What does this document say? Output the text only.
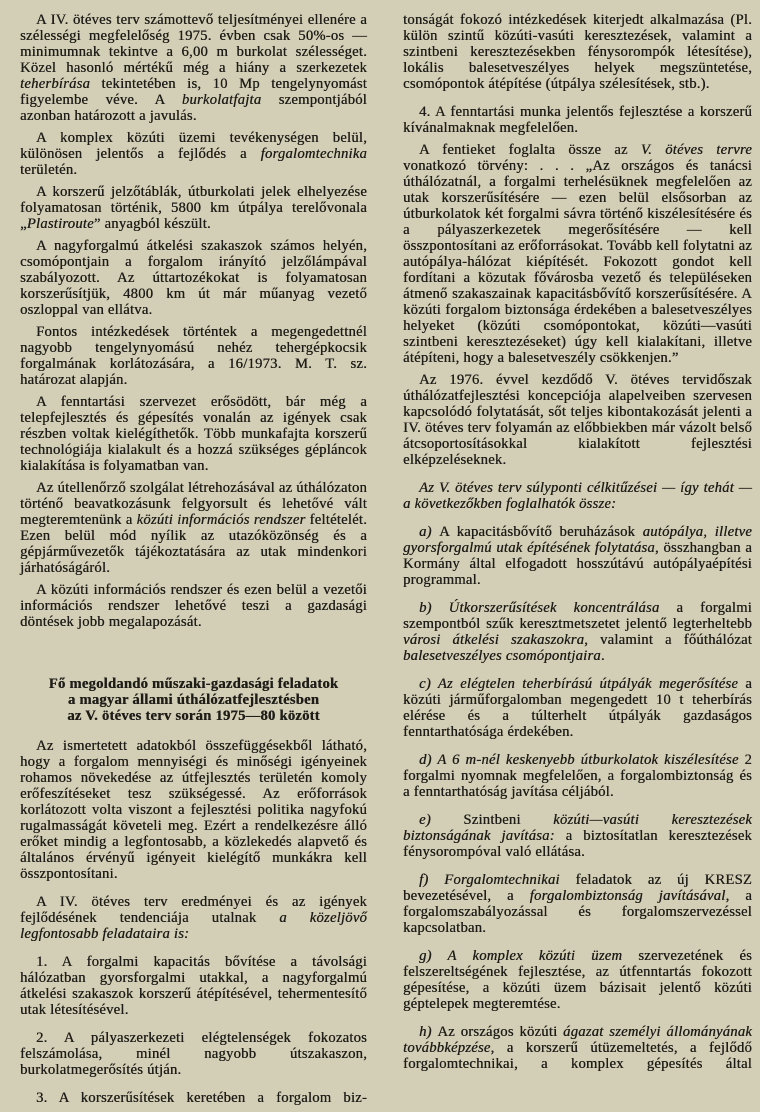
A IV. ötéves terv számottevő teljesítményei ellenére a szélességi megfelelőség 1975. évben csak 50%-os — minimumnak tekintve a 6,00 m burkolat szélességet. Közel hasonló mértékű még a hiány a szerkezetek teherbírása tekintetében is, 10 Mp tengelynyomást figyelembe véve. A burkolatfajta szempontjából azonban határozott a javulás.

A komplex közúti üzemi tevékenységen belül, különösen jelentős a fejlődés a forgalomtechnika területén.

A korszerű jelzőtáblák, útburkolati jelek elhelyezése folyamatosan történik, 5800 km útpálya terelővonala „Plastiroute” anyagból készült.

A nagyforgalmú átkelési szakaszok számos helyén, csomópontjain a forgalom irányító jelzőlámpával szabályozott. Az úttartozékokat is folyamatosan korszerűsítjük, 4800 km út már műanyag vezető oszloppal van ellátva.

Fontos intézkedések történtek a megengedettnél nagyobb tengelynyomású nehéz tehergépkocsik forgalmának korlátozására, a 16/1973. M. T. sz. határozat alapján.

A fenntartási szervezet erősödött, bár még a telepfejlesztés és gépesítés vonalán az igények csak részben voltak kielégíthetők. Több munkafajta korszerű technológiája kialakult és a hozzá szükséges gépláncok kialakítása is folyamatban van.

Az útellenőrző szolgálat létrehozásával az úthálózaton történő beavatkozásunk felgyorsult és lehetővé vált megteremtenünk a közúti információs rendszer feltételét. Ezen belül mód nyílik az utazóközönség és a gépjárművezetők tájékoztatására az utak mindenkori járhatóságáról.

A közúti információs rendszer és ezen belül a vezetői információs rendszer lehetővé teszi a gazdasági döntések jobb megalapozását.

Fő megoldandó műszaki-gazdasági feladatok
a magyar állami úthálózatfejlesztésben
az V. ötéves terv során 1975—80 között

Az ismertetett adatokból összefüggésekből látható, hogy a forgalom mennyiségi és minőségi igényeinek rohamos növekedése az útfejlesztés területén komoly erőfeszítéseket tesz szükségessé. Az erőforrások korlátozott volta viszont a fejlesztési politika nagyfokú rugalmasságát követeli meg. Ezért a rendelkezésre álló erőket mindig a legfontosabb, a közlekedés alapvető és általános érvényű igényeit kielégítő munkákra kell összpontosítani.

A IV. ötéves terv eredményei és az igények fejlődésének tendenciája utalnak a közeljövő legfontosabb feladataira is:

1. A forgalmi kapacitás bővítése a távolsági hálózatban gyorsforgalmi utakkal, a nagyforgalmú átkelési szakaszok korszerű átépítésével, tehermentesítő utak létesítésével.

2. A pályaszerkezeti elégtelenségek fokozatos felszámolása, minél nagyobb útszakaszon, burkolatmegerősítés útján.

3. A korszerűsítések keretében a forgalom biz-

tonságát fokozó intézkedések kiterjedt alkalmazása (Pl. külön szintű közúti-vasúti keresztezések, valamint a szintbeni keresztezésekben fénysorompók létesítése), lokális balesetveszélyes helyek megszüntetése, csomópontok átépítése (útpálya szélesítések, stb.).

4. A fenntartási munka jelentős fejlesztése a korszerű kívánalmaknak megfelelően.

A fentieket foglalta össze az V. ötéves tervre vonatkozó törvény: . . . „Az országos és tanácsi úthálózatnál, a forgalmi terhelésüknek megfelelően az utak korszerűsítésére — ezen belül elsősorban az útburkolatok két forgalmi sávra történő kiszélesítésére és a pályaszerkezetek megerősítésére — kell összpontosítani az erőforrásokat. Tovább kell folytatni az autópálya-hálózat kiépítését. Fokozott gondot kell fordítani a közutak fővárosba vezető és településeken átmenő szakaszainak kapacitásbővítő korszerűsítésére. A közúti forgalom biztonsága érdekében a balesetveszélyes helyeket (közúti csomópontokat, közúti—vasúti szintbeni keresztezéseket) úgy kell kialakítani, illetve átépíteni, hogy a balesetveszély csökkenjen.”

Az 1976. évvel kezdődő V. ötéves tervidőszak úthálózatfejlesztési koncepciója alapelveiben szervesen kapcsolódó folytatását, sőt teljes kibontakozását jelenti a IV. ötéves terv folyamán az előbbiekben már vázolt belső átcsoportosításokkal kialakított fejlesztési elképzeléseknek.

Az V. ötéves terv súlyponti célkitűzései — így tehát — a következőkben foglalhatók össze:

a) A kapacitásbővítő beruházások autópálya, illetve gyorsforgalmú utak építésének folytatása, összhangban a Kormány által elfogadott hosszútávú autópályaépítési programmal.

b) Útkorszerűsítések koncentrálása a forgalmi szempontból szűk keresztmetszetet jelentő legterheltebb városi átkelési szakaszokra, valamint a főúthálózat balesetveszélyes csomópontjaira.

c) Az elégtelen teherbírású útpályák megerősítése a közúti járműforgalomban megengedett 10 t teherbírás elérése és a túlterhelt útpályák gazdaságos fenntarthatósága érdekében.

d) A 6 m-nél keskenyebb útburkolatok kiszélesítése 2 forgalmi nyomnak megfelelően, a forgalombiztonság és a fenntarthatóság javítása céljából.

e) Szintbeni közúti—vasúti keresztezések biztonságának javítása: a biztosítatlan keresztezések fénysorompóval való ellátása.

f) Forgalomtechnikai feladatok az új KRESZ bevezetésével, a forgalombiztonság javításával, a forgalomszabályozással és forgalomszervezéssel kapcsolatban.

g) A komplex közúti üzem szervezetének és felszereltségének fejlesztése, az útfenntartás fokozott gépesítése, a közúti üzem bázisait jelentő közúti géptelepek megteremtése.

h) Az országos közúti ágazat személyi állományának továbbképzése, a korszerű útüzemeltetés, a fejlődő forgalomtechnikai, a komplex gépesítés által
